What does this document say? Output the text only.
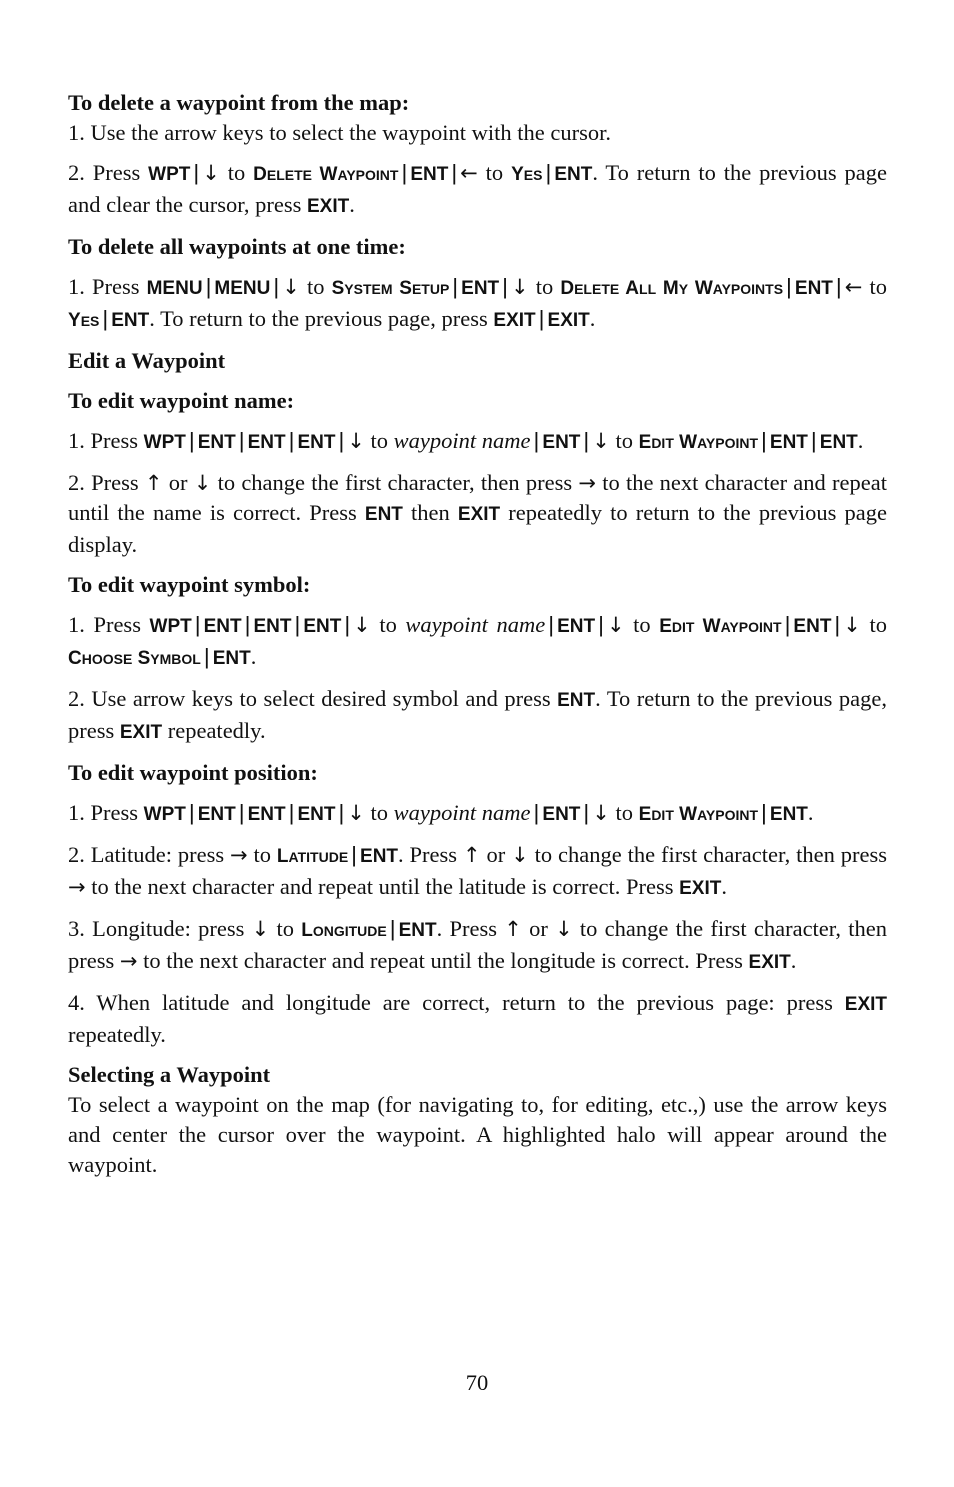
To delete a waypoint from the map:

1. Use the arrow keys to select the waypoint with the cursor.

2. Press WPT | ↓ to DELETE WAYPOINT | ENT | ← to YES | ENT. To return to the previous page and clear the cursor, press EXIT.

To delete all waypoints at one time:

1. Press MENU | MENU | ↓ to SYSTEM SETUP | ENT | ↓ to DELETE ALL MY WAYPOINTS | ENT | ← to YES | ENT. To return to the previous page, press EXIT | EXIT.

Edit a Waypoint

To edit waypoint name:

1. Press WPT | ENT | ENT | ENT | ↓ to waypoint name | ENT | ↓ to EDIT WAYPOINT | ENT | ENT.

2. Press ↑ or ↓ to change the first character, then press → to the next character and repeat until the name is correct. Press ENT then EXIT repeatedly to return to the previous page display.

To edit waypoint symbol:

1. Press WPT | ENT | ENT | ENT | ↓ to waypoint name | ENT | ↓ to EDIT WAYPOINT | ENT | ↓ to CHOOSE SYMBOL | ENT.

2. Use arrow keys to select desired symbol and press ENT. To return to the previous page, press EXIT repeatedly.

To edit waypoint position:

1. Press WPT | ENT | ENT | ENT | ↓ to waypoint name | ENT | ↓ to EDIT WAYPOINT | ENT.

2. Latitude: press → to LATITUDE | ENT. Press ↑ or ↓ to change the first character, then press → to the next character and repeat until the latitude is correct. Press EXIT.

3. Longitude: press ↓ to LONGITUDE | ENT. Press ↑ or ↓ to change the first character, then press → to the next character and repeat until the longitude is correct. Press EXIT.

4. When latitude and longitude are correct, return to the previous page: press EXIT repeatedly.

Selecting a Waypoint

To select a waypoint on the map (for navigating to, for editing, etc.,) use the arrow keys and center the cursor over the waypoint. A highlighted halo will appear around the waypoint.

70
